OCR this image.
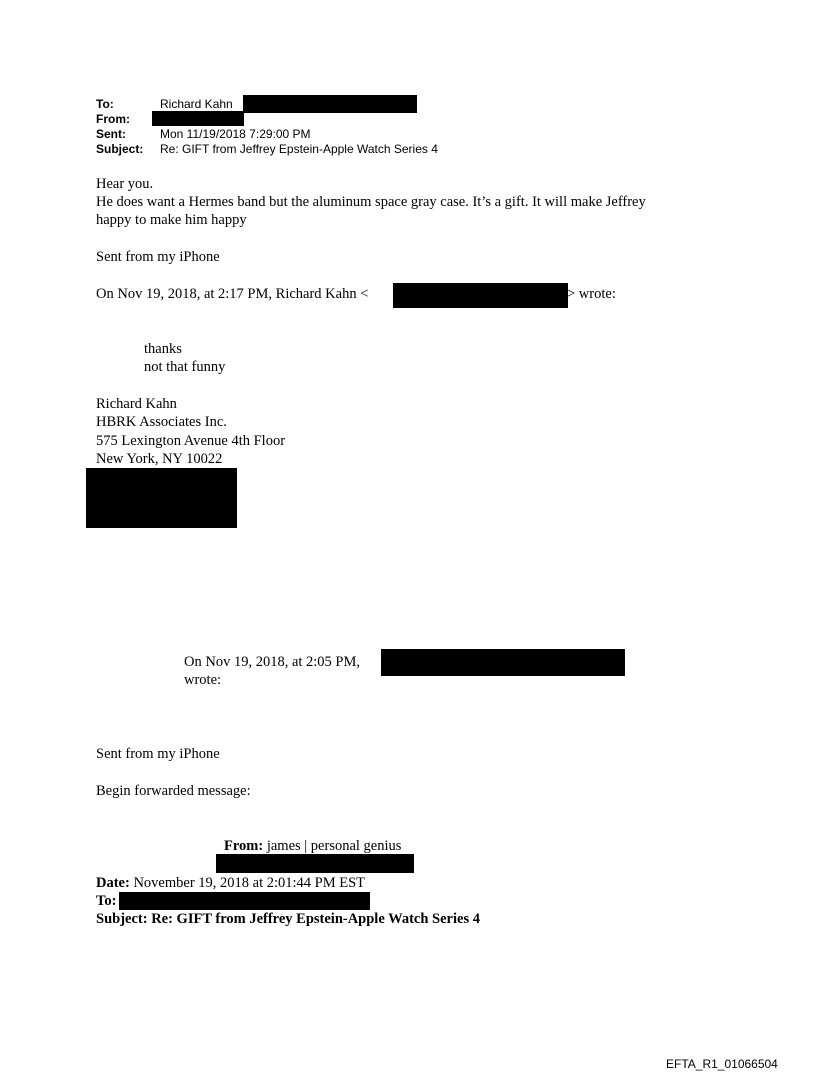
To:	Richard Kahn
From:
Sent:	Mon 11/19/2018 7:29:00 PM
Subject: Re: GIFT from Jeffrey Epstein-Apple Watch Series 4
Hear you.
He does want a Hermes band but the aluminum space gray case. It’s a gift. It will make Jeffrey
happy to make him happy
Sent from my iPhone
On Nov 19, 2018, at 2:17 PM, Richard Kahn <	> wrote:
thanks
not that funny
Richard Kahn
HBRK Associates Inc.
575 Lexington Avenue 4th Floor
New York, NY 10022
On Nov 19, 2018, at 2:05 PM,
wrote:
Sent from my iPhone
Begin forwarded message:
From: james | personal genius
Date: November 19, 2018 at 2:01:44 PM EST
To:
Subject: Re: GIFT from Jeffrey Epstein-Apple Watch Series 4
EFTA_R1_01066504
